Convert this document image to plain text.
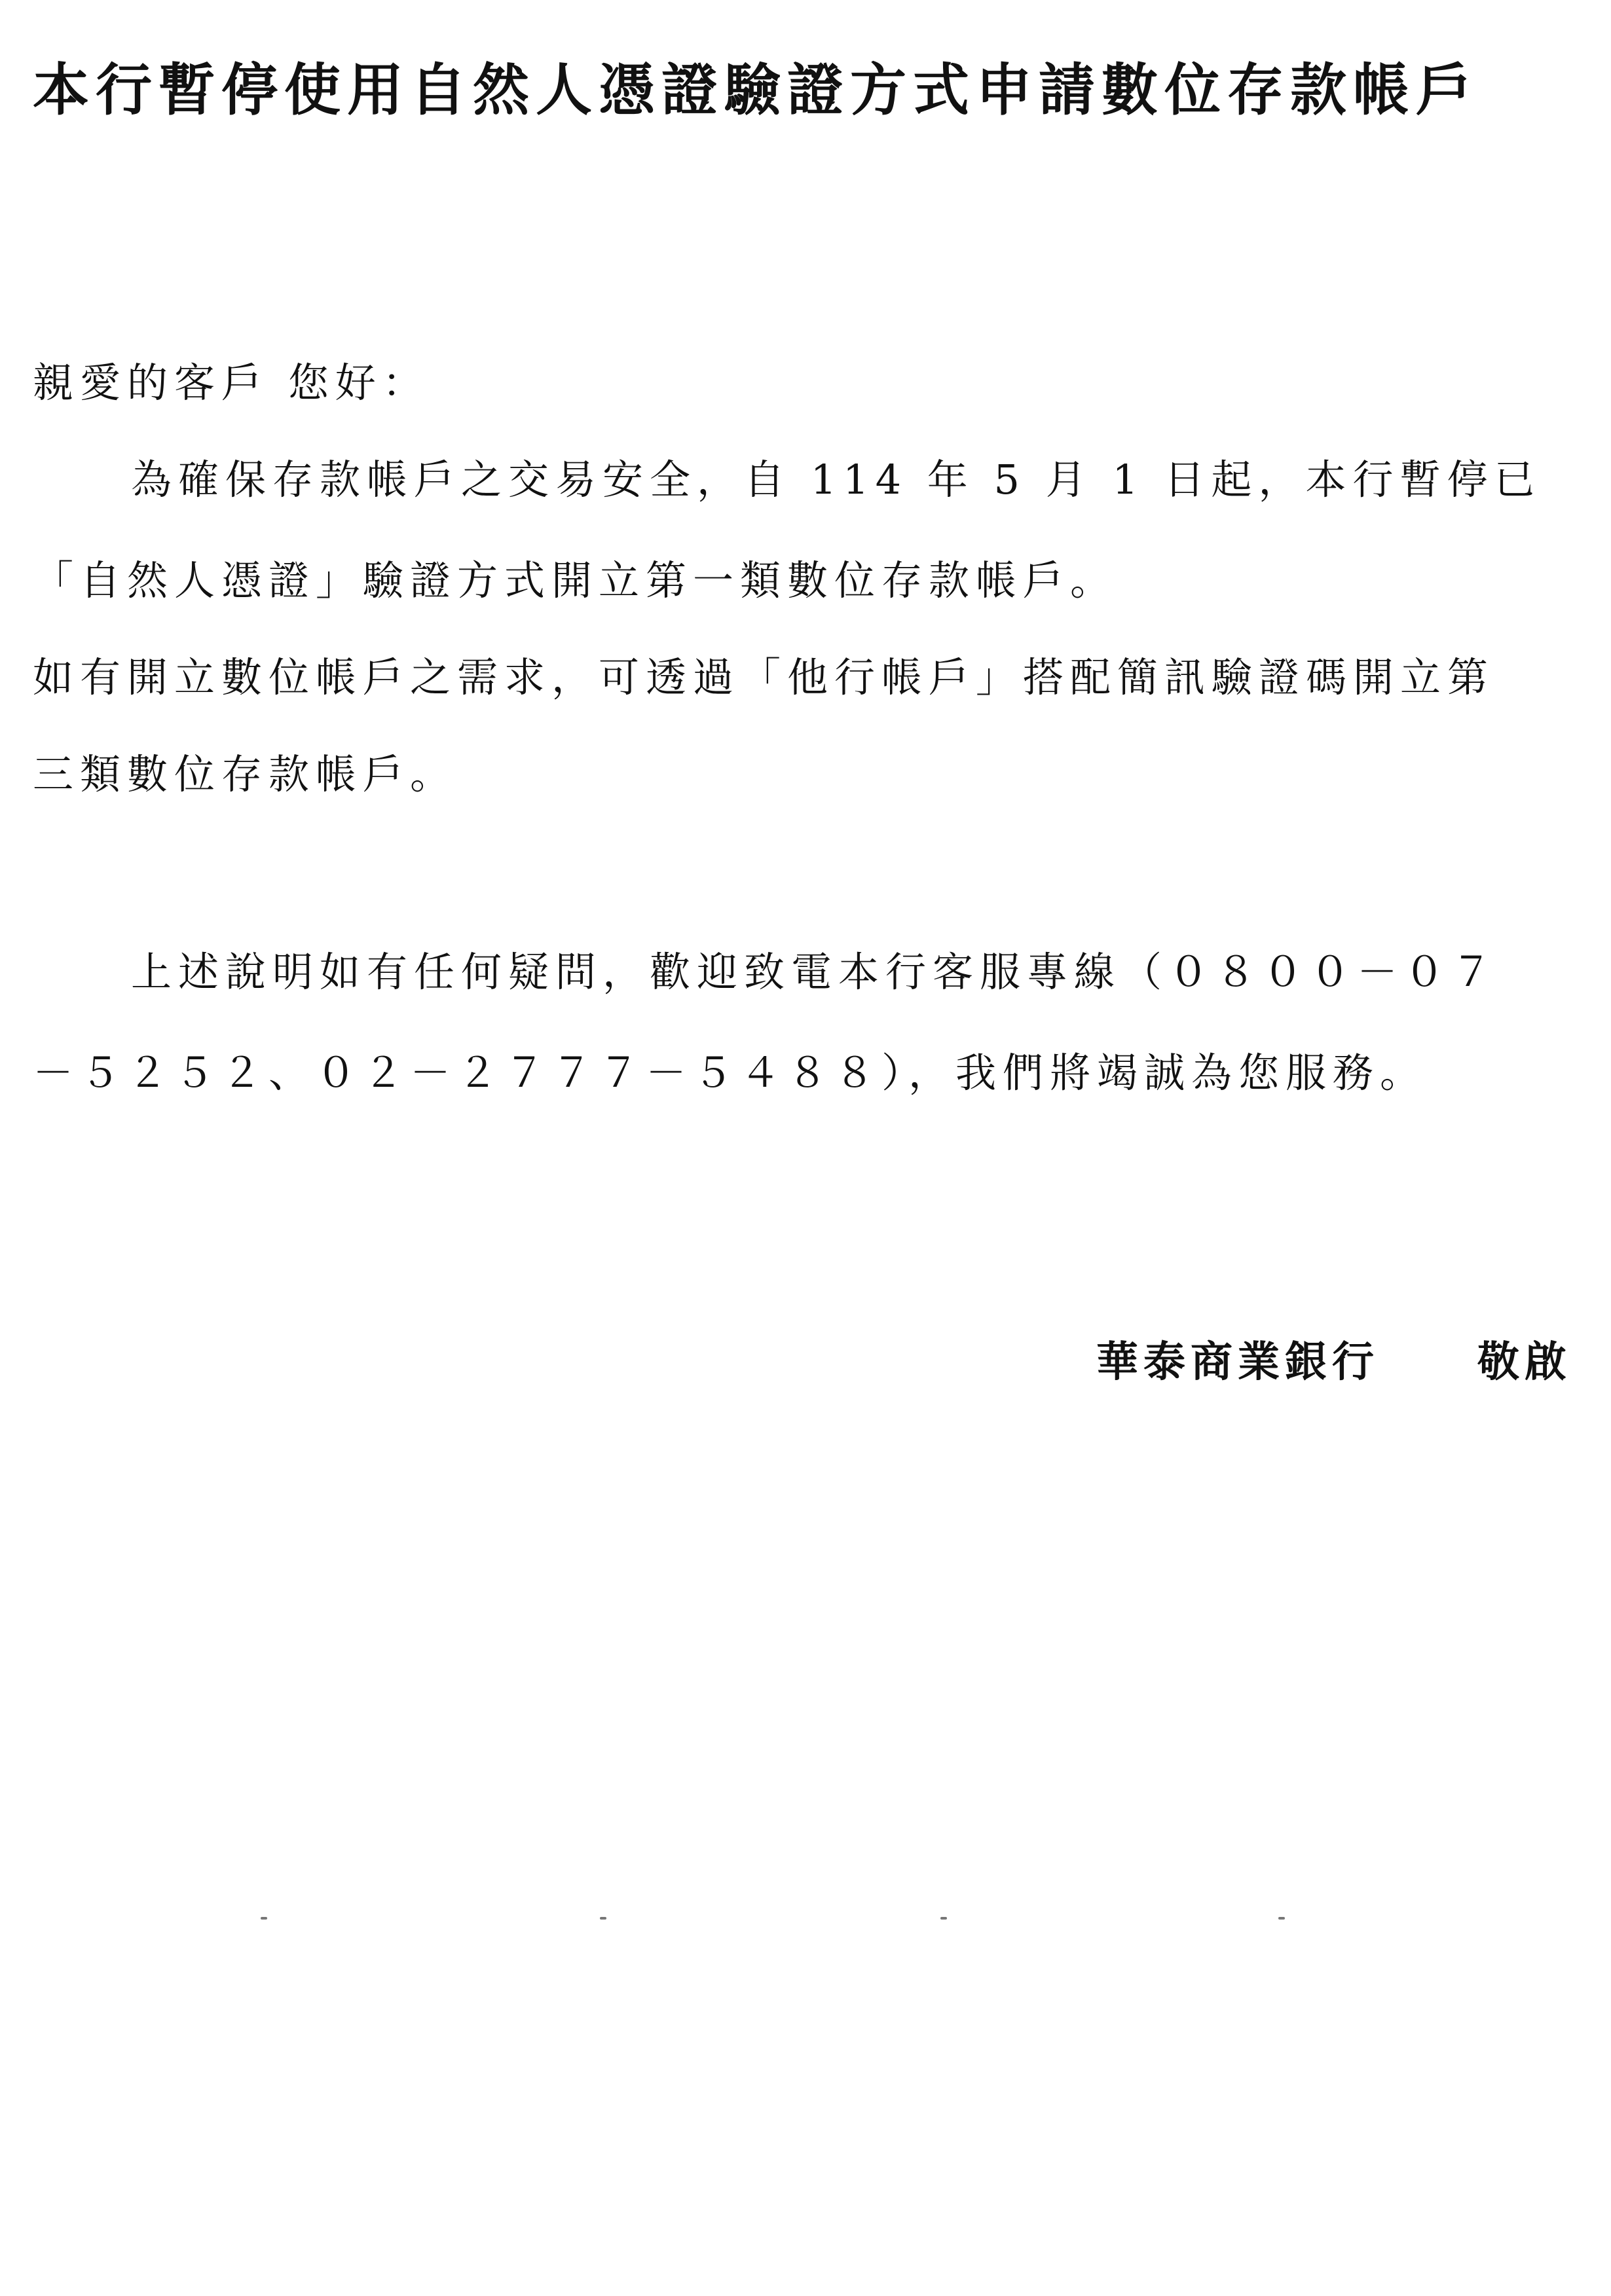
本行暫停使用自然人憑證驗證方式申請數位存款帳戶
親愛的客戶 您好：
為確保存款帳戶之交易安全，自 114 年 5 月 1 日起，本行暫停已
「自然人憑證」驗證方式開立第一類數位存款帳戶。
如有開立數位帳戶之需求，可透過「他行帳戶」搭配簡訊驗證碼開立第
三類數位存款帳戶。
上述說明如有任何疑問，歡迎致電本行客服專線（０８００－０７
－５２５２、０２－２７７７－５４８８），我們將竭誠為您服務。
華泰商業銀行 敬啟
